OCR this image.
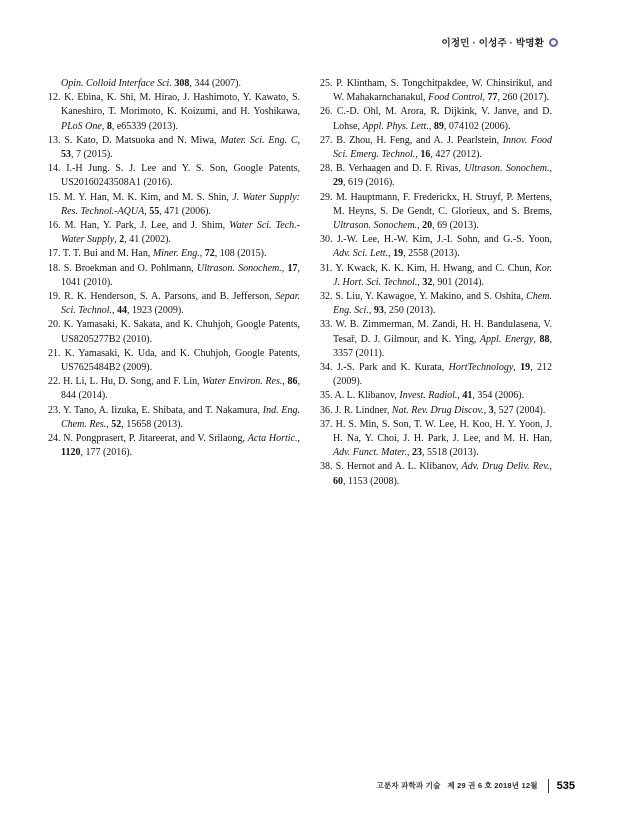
이정민 · 이성주 · 박명환
Opin. Colloid Interface Sci. 308, 344 (2007).
12. K. Ebina, K. Shi, M. Hirao, J. Hashimoto, Y. Kawato, S. Kaneshiro, T. Morimoto, K. Koizumi, and H. Yoshikawa, PLoS One, 8, e65339 (2013).
13. S. Kato, D. Matsuoka and N. Miwa, Mater. Sci. Eng. C, 53, 7 (2015).
14. I.-H Jung. S. J. Lee and Y. S. Son, Google Patents, US20160243508A1 (2016).
15. M. Y. Han, M. K. Kim, and M. S. Shin, J. Water Supply: Res. Technol.-AQUA, 55, 471 (2006).
16. M. Han, Y. Park, J. Lee, and J. Shim, Water Sci. Tech.- Water Supply, 2, 41 (2002).
17. T. T. Bui and M. Han, Miner. Eng., 72, 108 (2015).
18. S. Broekman and O. Pohlmann, Ultrason. Sonochem., 17, 1041 (2010).
19. R. K. Henderson, S. A. Parsons, and B. Jefferson, Separ. Sci. Technol., 44, 1923 (2009).
20. K. Yamasaki, K. Sakata, and K. Chuhjoh, Google Patents, US8205277B2 (2010).
21. K. Yamasaki, K. Uda, and K. Chuhjoh, Google Patents, US7625484B2 (2009).
22. H. Li, L. Hu, D. Song, and F. Lin, Water Environ. Res., 86, 844 (2014).
23. Y. Tano, A. Iizuka, E. Shibata, and T. Nakamura, Ind. Eng. Chem. Res., 52, 15658 (2013).
24. N. Pongprasert, P. Jitareerat, and V. Srilaong, Acta Hortic., 1120, 177 (2016).
25. P. Klintham, S. Tongchitpakdee, W. Chinsirikul, and W. Mahakarnchanakul, Food Control, 77, 260 (2017).
26. C.-D. Ohl, M. Arora, R. Dijkink, V. Janve, and D. Lohse, Appl. Phys. Lett., 89, 074102 (2006).
27. B. Zhou, H. Feng, and A. J. Pearlstein, Innov. Food Sci. Emerg. Technol., 16, 427 (2012).
28. B. Verhaagen and D. F. Rivas, Ultrason. Sonochem., 29, 619 (2016).
29. M. Hauptmann, F. Frederickx, H. Struyf, P. Mertens, M. Heyns, S. De Gendt, C. Glorieux, and S. Brems, Ultrason. Sonochem., 20, 69 (2013).
30. J.-W. Lee, H.-W. Kim, J.-I. Sohn, and G.-S. Yoon, Adv. Sci. Lett., 19, 2558 (2013).
31. Y. Kwack, K. K. Kim, H. Hwang, and C. Chun, Kor. J. Hort. Sci. Technol., 32, 901 (2014).
32. S. Liu, Y. Kawagoe, Y. Makino, and S. Oshita, Chem. Eng. Sci., 93, 250 (2013).
33. W. B. Zimmerman, M. Zandi, H. H. Bandulasena, V. Tesař, D. J. Gilmour, and K. Ying, Appl. Energy, 88, 3357 (2011).
34. J.-S. Park and K. Kurata, HortTechnology, 19, 212 (2009).
35. A. L. Klibanov, Invest. Radiol., 41, 354 (2006).
36. J. R. Lindner, Nat. Rev. Drug Discov., 3, 527 (2004).
37. H. S. Min, S. Son, T. W. Lee, H. Koo, H. Y. Yoon, J. H. Na, Y. Choi, J. H. Park, J. Lee, and M. H. Han, Adv. Funct. Mater., 23, 5518 (2013).
38. S. Hernot and A. L. Klibanov, Adv. Drug Deliv. Rev., 60, 1153 (2008).
고분자 과학과 기술   제 29 권 6 호 2018년 12월 535
